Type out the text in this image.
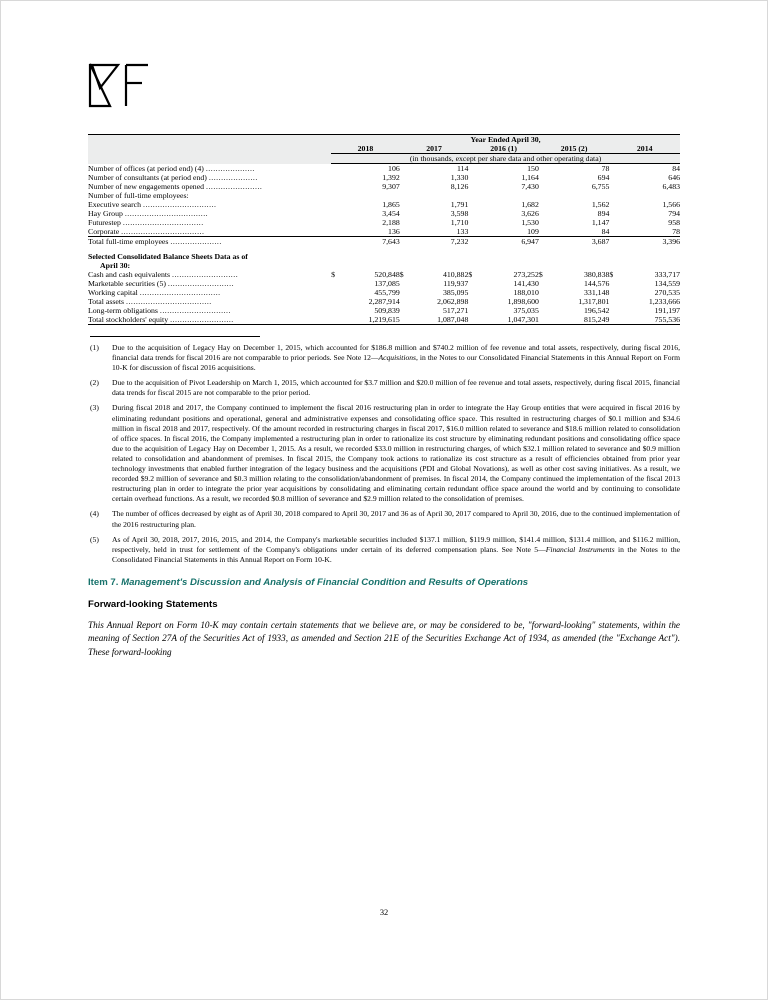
	Year Ended April 30,									
	2018		2017		2016 (1)		2015 (2)		2014	
	(in thousands, except per share data and other operating data)									
Number of offices (at period end) (4) ....................		106		114		150		78		84
Number of consultants (at period end) ....................		1,392		1,330		1,164		694		646
Number of new engagements opened .......................		9,307		8,126		7,430		6,755		6,483
Number of full-time employees:										
Executive search ..............................		1,865		1,791		1,682		1,562		1,566
Hay Group ..................................		3,454		3,598		3,626		894		794
Futurestep .................................		2,188		1,710		1,530		1,147		958
Corporate ..................................		136		133		109		84		78
Total full-time employees .....................		7,643		7,232		6,947		3,687		3,396

Selected Consolidated Balance Sheets Data as of
April 30:										
Cash and cash equivalents ...........................	$	520,848	$	410,882	$	273,252	$	380,838	$	333,717
Marketable securities (5) ...........................		137,085		119,937		141,430		144,576		134,559
Working capital .................................		455,799		385,095		188,010		331,148		270,535
Total assets ...................................		2,287,914		2,062,898		1,898,600		1,317,801		1,233,666
Long-term obligations .............................		509,839		517,271		375,035		196,542		191,197
Total stockholders' equity ..........................		1,219,615		1,087,048		1,047,301		815,249		755,536

(1)	Due to the acquisition of Legacy Hay on December 1, 2015, which accounted for $186.8 million and $740.2 million of fee revenue and total assets, respectively, during fiscal 2016, financial data trends for fiscal 2016 are not comparable to prior periods. See Note 12—Acquisitions, in the Notes to our Consolidated Financial Statements in this Annual Report on Form 10-K for discussion of fiscal 2016 acquisitions.
(2)	Due to the acquisition of Pivot Leadership on March 1, 2015, which accounted for $3.7 million and $20.0 million of fee revenue and total assets, respectively, during fiscal 2015, financial data trends for fiscal 2015 are not comparable to the prior period.
(3)	During fiscal 2018 and 2017, the Company continued to implement the fiscal 2016 restructuring plan in order to integrate the Hay Group entities that were acquired in fiscal 2016 by eliminating redundant positions and operational, general and administrative expenses and consolidating office space. This resulted in restructuring charges of $0.1 million and $34.6 million in fiscal 2018 and 2017, respectively. Of the amount recorded in restructuring charges in fiscal 2017, $16.0 million related to severance and $18.6 million related to consolidation of office spaces. In fiscal 2016, the Company implemented a restructuring plan in order to rationalize its cost structure by eliminating redundant positions and consolidating office space due to the acquisition of Legacy Hay on December 1, 2015. As a result, we recorded $33.0 million in restructuring charges, of which $32.1 million related to severance and $0.9 million related to consolidation and abandonment of premises. In fiscal 2015, the Company took actions to rationalize its cost structure as a result of efficiencies obtained from prior year technology investments that enabled further integration of the legacy business and the acquisitions (PDI and Global Novations), as well as other cost saving initiatives. As a result, we recorded $9.2 million of severance and $0.3 million relating to the consolidation/abandonment of premises. In fiscal 2014, the Company continued the implementation of the fiscal 2013 restructuring plan in order to integrate the prior year acquisitions by consolidating and eliminating certain redundant office space around the world and by continuing to consolidate certain overhead functions. As a result, we recorded $0.8 million of severance and $2.9 million related to the consolidation of premises.
(4)	The number of offices decreased by eight as of April 30, 2018 compared to April 30, 2017 and 36 as of April 30, 2017 compared to April 30, 2016, due to the continued implementation of the 2016 restructuring plan.
(5)	As of April 30, 2018, 2017, 2016, 2015, and 2014, the Company's marketable securities included $137.1 million, $119.9 million, $141.4 million, $131.4 million, and $116.2 million, respectively, held in trust for settlement of the Company's obligations under certain of its deferred compensation plans. See Note 5—Financial Instruments in the Notes to the Consolidated Financial Statements in this Annual Report on Form 10-K.
Item 7. Management's Discussion and Analysis of Financial Condition and Results of Operations
Forward-looking Statements
This Annual Report on Form 10-K may contain certain statements that we believe are, or may be considered to be, "forward-looking" statements, within the meaning of Section 27A of the Securities Act of 1933, as amended and Section 21E of the Securities Exchange Act of 1934, as amended (the "Exchange Act"). These forward-looking
32
